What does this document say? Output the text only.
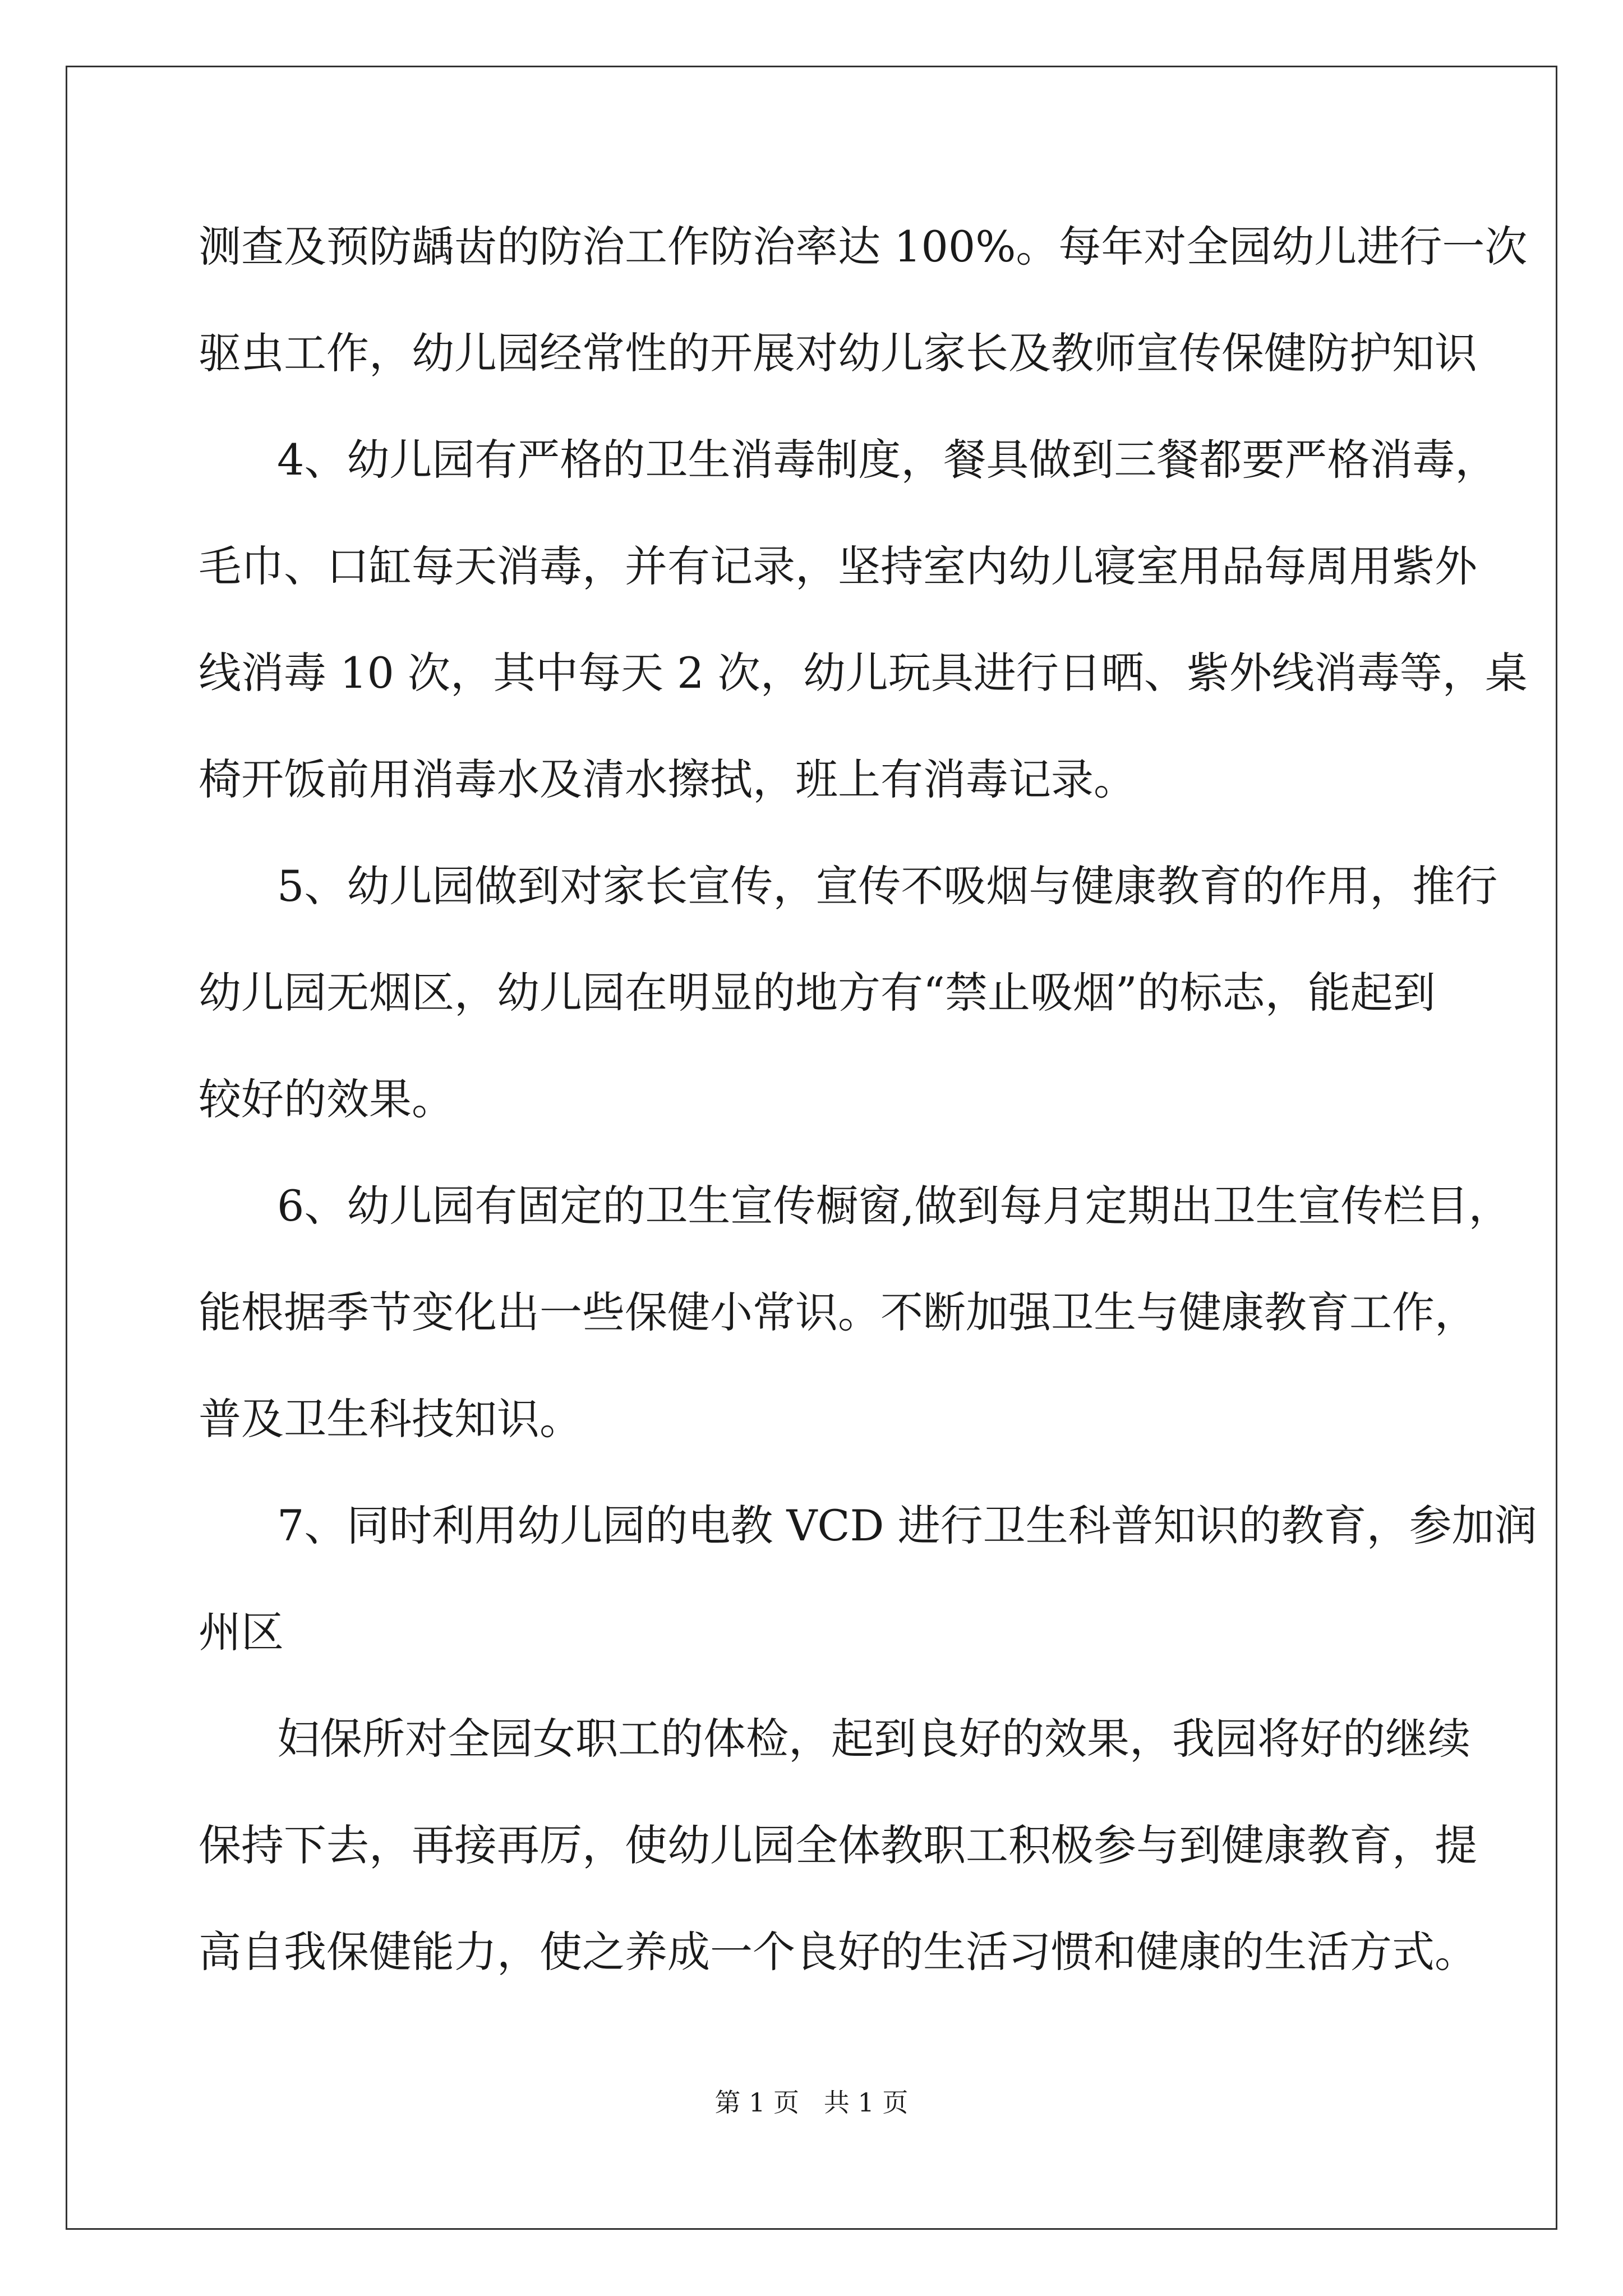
测查及预防龋齿的防治工作防治率达 100%。每年对全园幼儿进行一次
驱虫工作，幼儿园经常性的开展对幼儿家长及教师宣传保健防护知识
4、幼儿园有严格的卫生消毒制度，餐具做到三餐都要严格消毒，
毛巾、口缸每天消毒，并有记录，坚持室内幼儿寝室用品每周用紫外
线消毒 10 次，其中每天 2 次，幼儿玩具进行日晒、紫外线消毒等，桌
椅开饭前用消毒水及清水擦拭，班上有消毒记录。
5、幼儿园做到对家长宣传，宣传不吸烟与健康教育的作用，推行
幼儿园无烟区，幼儿园在明显的地方有“禁止吸烟”的标志，能起到
较好的效果。
6、幼儿园有固定的卫生宣传橱窗,做到每月定期出卫生宣传栏目，
能根据季节变化出一些保健小常识。不断加强卫生与健康教育工作，
普及卫生科技知识。
7、同时利用幼儿园的电教 VCD 进行卫生科普知识的教育，参加润
州区
妇保所对全园女职工的体检，起到良好的效果，我园将好的继续
保持下去，再接再厉，使幼儿园全体教职工积极参与到健康教育，提
高自我保健能力，使之养成一个良好的生活习惯和健康的生活方式。
第 1 页   共 1 页
